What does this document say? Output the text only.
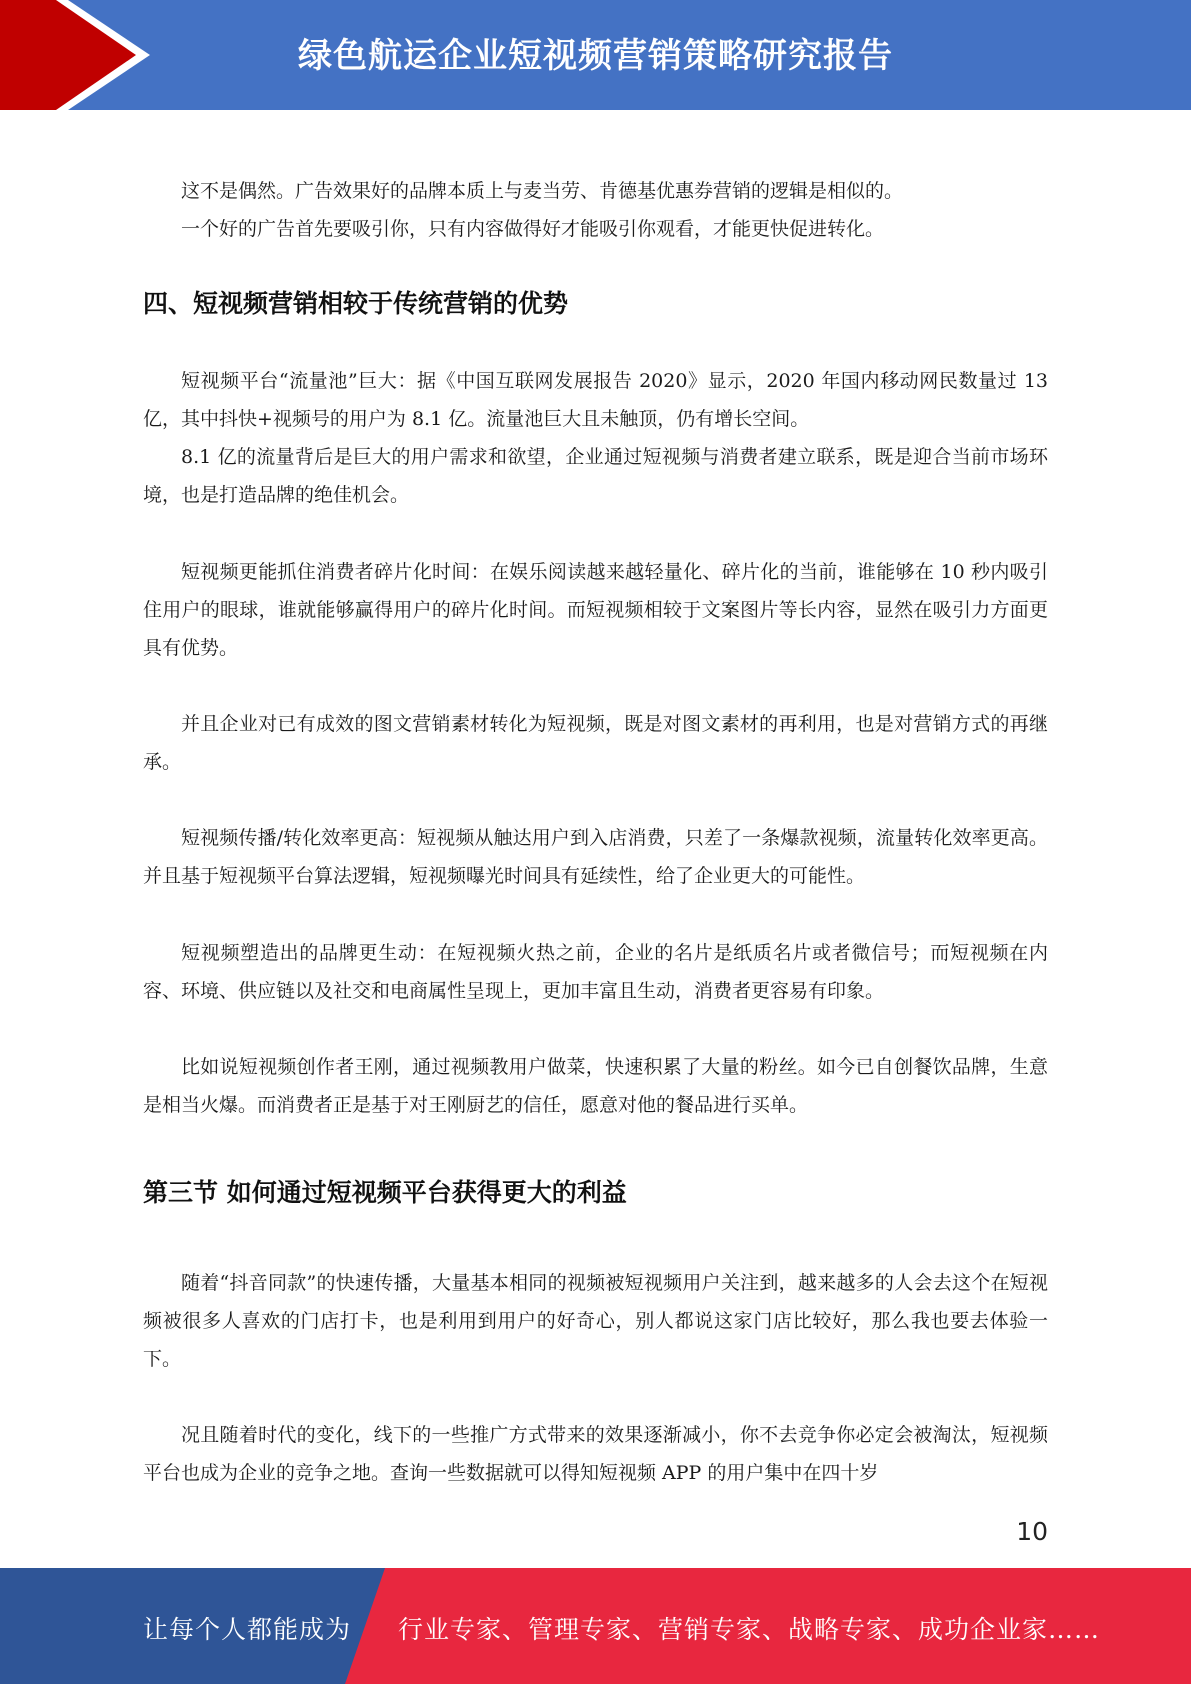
绿色航运企业短视频营销策略研究报告

这不是偶然。广告效果好的品牌本质上与麦当劳、肯德基优惠券营销的逻辑是相似的。

一个好的广告首先要吸引你，只有内容做得好才能吸引你观看，才能更快促进转化。

四、短视频营销相较于传统营销的优势

短视频平台“流量池”巨大：据《中国互联网发展报告 2020》显示，2020 年国内移动网民数量过 13 亿，其中抖快+视频号的用户为 8.1 亿。流量池巨大且未触顶，仍有增长空间。

8.1 亿的流量背后是巨大的用户需求和欲望，企业通过短视频与消费者建立联系，既是迎合当前市场环境，也是打造品牌的绝佳机会。

短视频更能抓住消费者碎片化时间：在娱乐阅读越来越轻量化、碎片化的当前，谁能够在 10 秒内吸引住用户的眼球，谁就能够赢得用户的碎片化时间。而短视频相较于文案图片等长内容，显然在吸引力方面更具有优势。

并且企业对已有成效的图文营销素材转化为短视频，既是对图文素材的再利用，也是对营销方式的再继承。

短视频传播/转化效率更高：短视频从触达用户到入店消费，只差了一条爆款视频，流量转化效率更高。并且基于短视频平台算法逻辑，短视频曝光时间具有延续性，给了企业更大的可能性。

短视频塑造出的品牌更生动：在短视频火热之前，企业的名片是纸质名片或者微信号；而短视频在内容、环境、供应链以及社交和电商属性呈现上，更加丰富且生动，消费者更容易有印象。

比如说短视频创作者王刚，通过视频教用户做菜，快速积累了大量的粉丝。如今已自创餐饮品牌，生意是相当火爆。而消费者正是基于对王刚厨艺的信任，愿意对他的餐品进行买单。

第三节 如何通过短视频平台获得更大的利益

随着“抖音同款”的快速传播，大量基本相同的视频被短视频用户关注到，越来越多的人会去这个在短视频被很多人喜欢的门店打卡，也是利用到用户的好奇心，别人都说这家门店比较好，那么我也要去体验一下。

况且随着时代的变化，线下的一些推广方式带来的效果逐渐减小，你不去竞争你必定会被淘汰，短视频平台也成为企业的竞争之地。查询一些数据就可以得知短视频 APP 的用户集中在四十岁

10
让每个人都能成为 行业专家、管理专家、营销专家、战略专家、成功企业家……
